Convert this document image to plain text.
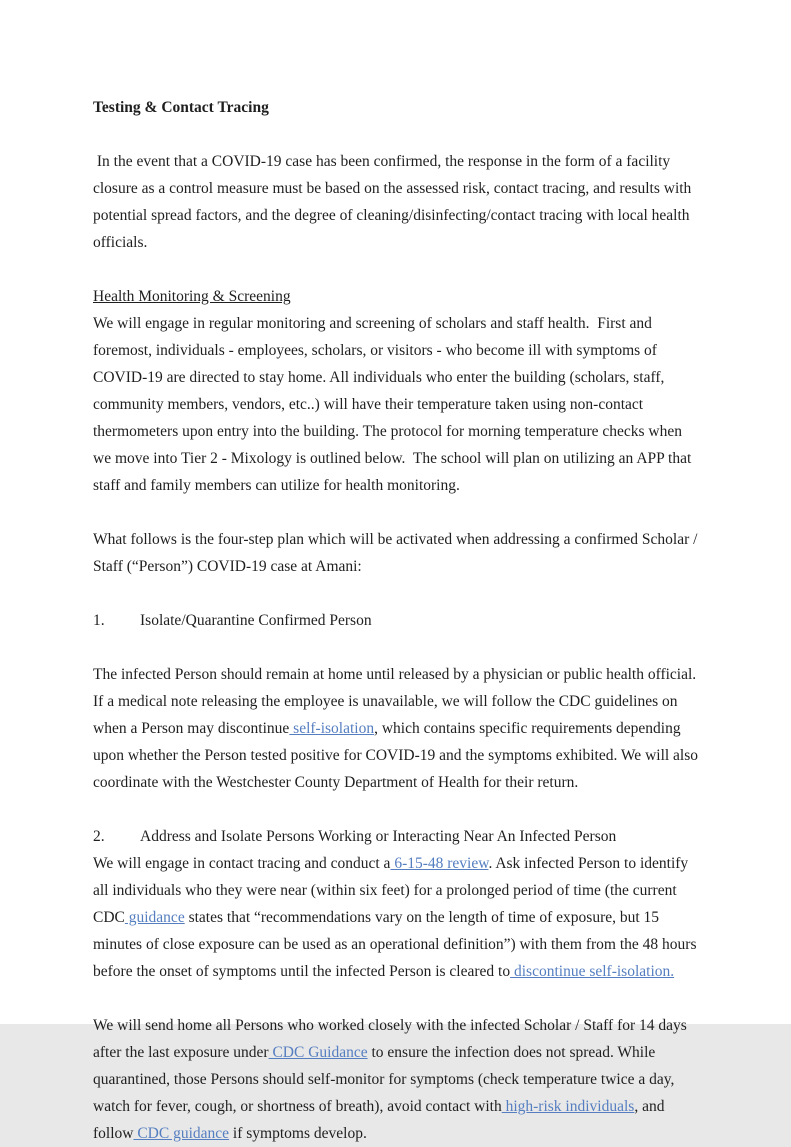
Testing & Contact Tracing

In the event that a COVID-19 case has been confirmed, the response in the form of a facility closure as a control measure must be based on the assessed risk, contact tracing, and results with potential spread factors, and the degree of cleaning/disinfecting/contact tracing with local health officials.

Health Monitoring & Screening

We will engage in regular monitoring and screening of scholars and staff health.  First and foremost, individuals - employees, scholars, or visitors - who become ill with symptoms of COVID-19 are directed to stay home. All individuals who enter the building (scholars, staff, community members, vendors, etc..) will have their temperature taken using non-contact thermometers upon entry into the building. The protocol for morning temperature checks when we move into Tier 2 - Mixology is outlined below.  The school will plan on utilizing an APP that staff and family members can utilize for health monitoring.

What follows is the four-step plan which will be activated when addressing a confirmed Scholar / Staff (“Person”) COVID-19 case at Amani:

1. Isolate/Quarantine Confirmed Person

The infected Person should remain at home until released by a physician or public health official. If a medical note releasing the employee is unavailable, we will follow the CDC guidelines on when a Person may discontinue self-isolation, which contains specific requirements depending upon whether the Person tested positive for COVID-19 and the symptoms exhibited. We will also coordinate with the Westchester County Department of Health for their return.

2. Address and Isolate Persons Working or Interacting Near An Infected Person

We will engage in contact tracing and conduct a 6-15-48 review. Ask infected Person to identify all individuals who they were near (within six feet) for a prolonged period of time (the current CDC guidance states that “recommendations vary on the length of time of exposure, but 15 minutes of close exposure can be used as an operational definition”) with them from the 48 hours before the onset of symptoms until the infected Person is cleared to discontinue self-isolation.

We will send home all Persons who worked closely with the infected Scholar / Staff for 14 days after the last exposure under CDC Guidance to ensure the infection does not spread. While quarantined, those Persons should self-monitor for symptoms (check temperature twice a day, watch for fever, cough, or shortness of breath), avoid contact with high-risk individuals, and follow CDC guidance if symptoms develop.
